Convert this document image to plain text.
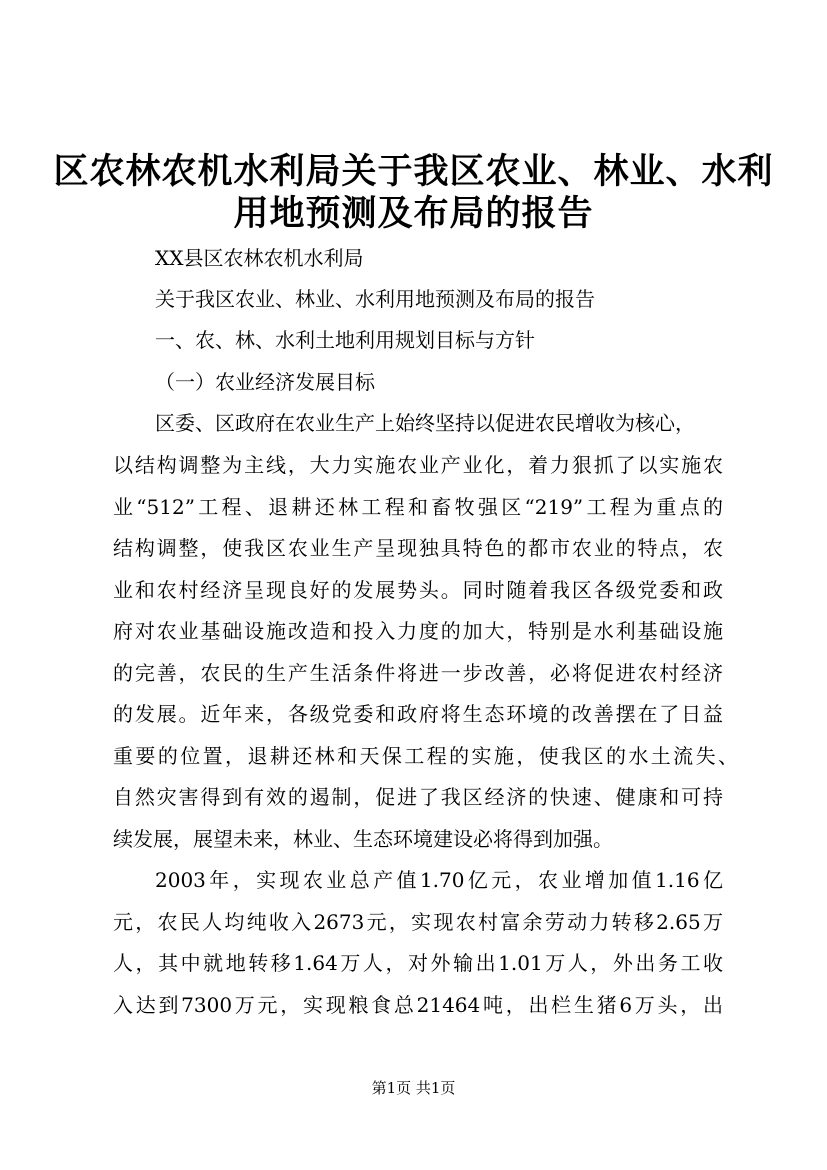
区农林农机水利局关于我区农业、林业、水利
用地预测及布局的报告
XX县区农林农机水利局
关于我区农业、林业、水利用地预测及布局的报告
一、农、林、水利土地利用规划目标与方针
（一）农业经济发展目标
区委、区政府在农业生产上始终坚持以促进农民增收为核心，
以结构调整为主线，大力实施农业产业化，着力狠抓了以实施农
业“512”工程、退耕还林工程和畜牧强区“219”工程为重点的
结构调整，使我区农业生产呈现独具特色的都市农业的特点，农
业和农村经济呈现良好的发展势头。同时随着我区各级党委和政
府对农业基础设施改造和投入力度的加大，特别是水利基础设施
的完善，农民的生产生活条件将进一步改善，必将促进农村经济
的发展。近年来，各级党委和政府将生态环境的改善摆在了日益
重要的位置，退耕还林和天保工程的实施，使我区的水土流失、
自然灾害得到有效的遏制，促进了我区经济的快速、健康和可持
续发展，展望未来，林业、生态环境建设必将得到加强。
2003年，实现农业总产值1.70亿元，农业增加值1.16亿
元，农民人均纯收入2673元，实现农村富余劳动力转移2.65万
人，其中就地转移1.64万人，对外输出1.01万人，外出务工收
入达到7300万元，实现粮食总21464吨，出栏生猪6万头，出
第1页 共1页
